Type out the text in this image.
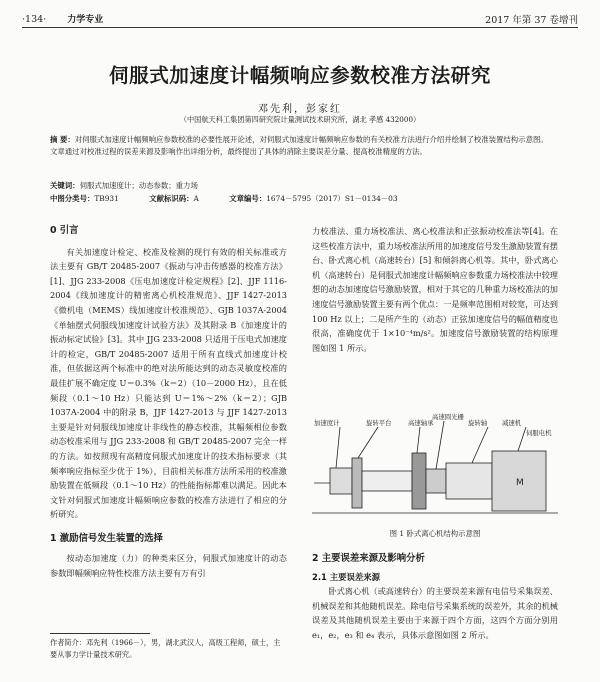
·134· 力学专业	2017 年第 37 卷增刊
伺服式加速度计幅频响应参数校准方法研究
邓先利，彭家红
（中国航天科工集团第四研究院计量测试技术研究所，湖北 孝感 432000）
摘 要：对伺服式加速度计幅频响应参数校准的必要性展开论述，对伺服式加速度计幅频响应参数的有关校准方法进行介绍并绘制了校准装置结构示意图。文章通过对校准过程的误差来源及影响作出详细分析，最终提出了具体的消除主要误差分量、提高校准精度的方法。
关键词：伺服式加速度计；动态参数；重力场
中图分类号：TB931	文献标识码：A	文章编号：1674－5795（2017）S1－0134－03
0 引言

有关加速度计检定、校准及检测的现行有效的相关标准或方法主要有 GB/T 20485-2007《振动与冲击传感器的校准方法》[1]、JJG 233-2008《压电加速度计检定规程》[2]、JJF 1116-2004《线加速度计的精密离心机校准规范》、JJF 1427-2013《微机电（MEMS）线加速度计校准规范》、GJB 1037A-2004《单轴摆式伺服线加速度计试验方法》及其附录 B《加速度计的振动标定试验》[3]。其中 JJG 233-2008 只适用于压电式加速度计的检定，GB/T 20485-2007 适用于所有直线式加速度计校准，但依据这两个标准中的绝对法所能达到的动态灵敏度校准的最佳扩展不确定度 U＝0.3%（k＝2）（10－2000 Hz），且在低频段（0.1～10 Hz）只能达到 U＝1%～2%（k＝2）；GJB 1037A-2004 中的附录 B，JJF 1427-2013 与 JJF 1427-2013 主要是针对伺服线加速度计非线性的静态校准，其幅频相位参数动态校准采用与 JJG 233-2008 和 GB/T 20485-2007 完全一样的方法。如按照现有高精度伺服式加速度计的技术指标要求（其频率响应指标至少优于 1%），目前相关标准方法所采用的校准激励装置在低频段（0.1～10 Hz）的性能指标都难以满足。因此本文针对伺服式加速度计幅频响应参数的校准方法进行了相应的分析研究。

1 激励信号发生装置的选择

按动态加速度（力）的种类来区分，伺服式加速度计的动态参数即幅频响应特性校准方法主要有万有引

作者简介：邓先利（1966－），男，湖北武汉人，高级工程师，硕士，主要从事力学计量技术研究。

力校准法、重力场校准法、离心校准法和正弦振动校准法等[4]。在这些校准方法中，重力场校准法所用的加速度信号发生激励装置有摆台、卧式离心机（高速转台）[5] 和倾斜离心机等。其中，卧式离心机（高速转台）是伺服式加速度计幅频响应参数重力场校准法中较理想的动态加速度信号激励装置，相对于其它的几种重力场校准法的加速度信号激励装置主要有两个优点：一是频率范围相对较宽，可达到 100 Hz 以上；二是所产生的（动态）正弦加速度信号的幅值精度也很高，准确度优于 1×10⁻⁴m/s²。加速度信号激励装置的结构原理图如图 1 所示。

加速度计	旋转平台	高速轴承
高速圆光栅
旋转轴 减速机
伺服电机
M
图 1 卧式离心机结构示意图
2 主要误差来源及影响分析
2.1 主要误差来源

卧式离心机（或高速转台）的主要误差来源有电信号采集误差、机械误差和其他随机误差。除电信号采集系统的误差外，其余的机械误差及其他随机误差主要由于来源于四个方面，这四个方面分别用 e₁，e₂，e₃ 和 e₄ 表示，具体示意图如图 2 所示。
